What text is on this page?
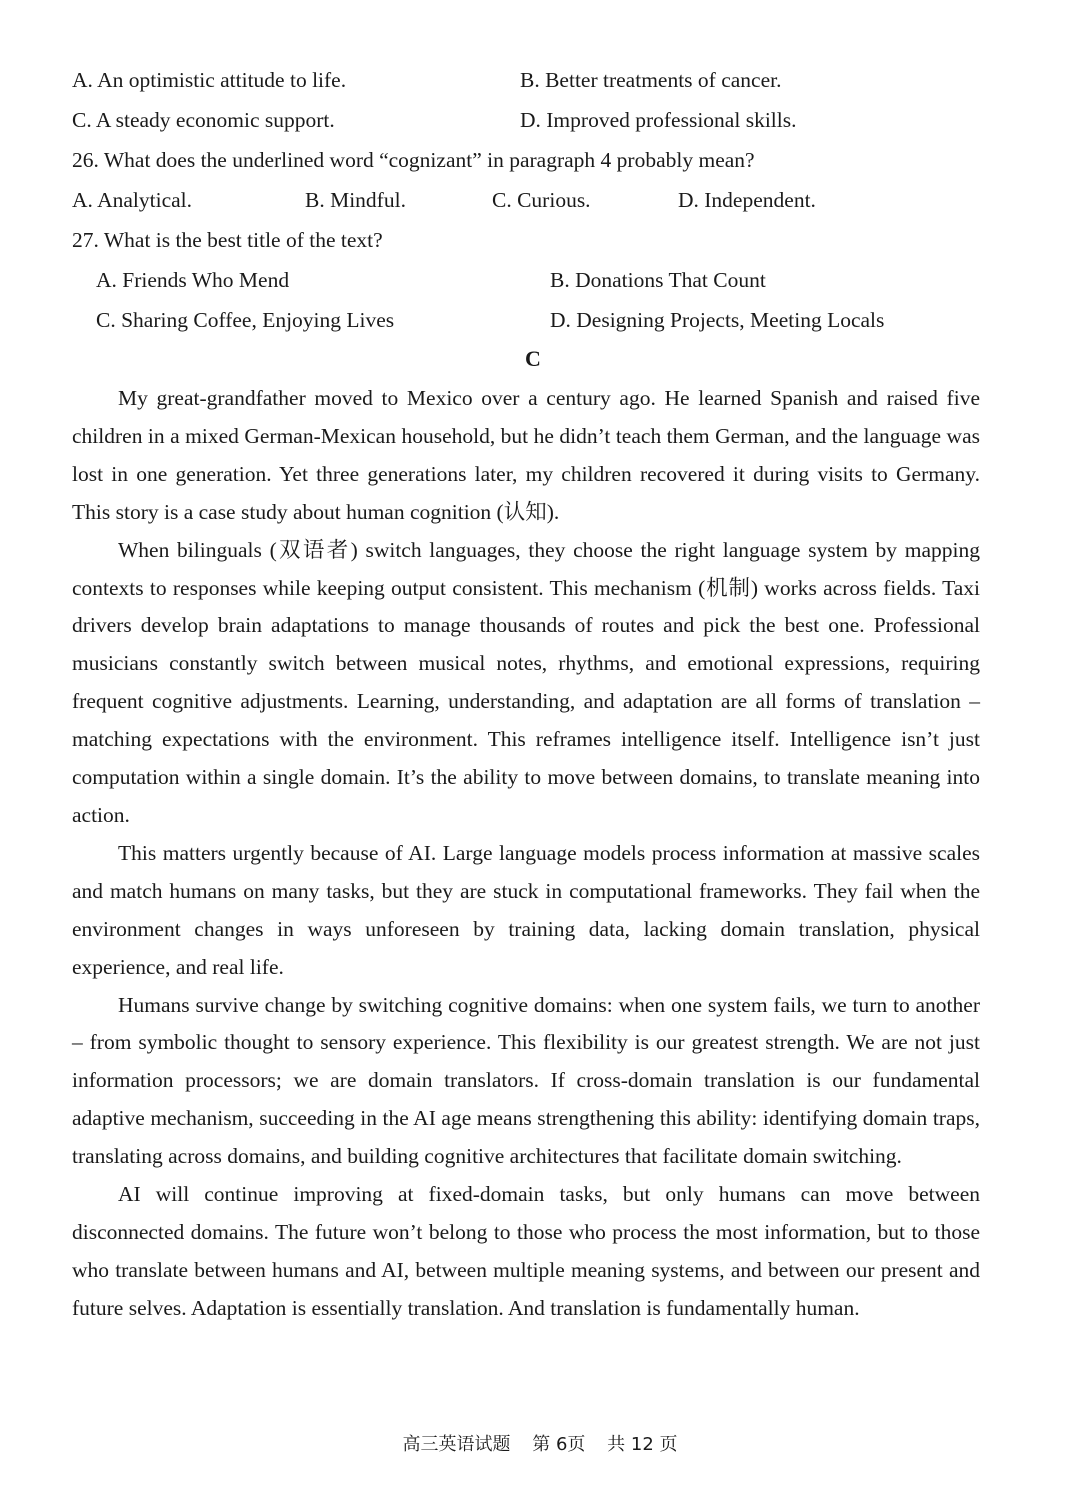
A. An optimistic attitude to life.	B. Better treatments of cancer.
C. A steady economic support.	D. Improved professional skills.
26. What does the underlined word “cognizant” in paragraph 4 probably mean?
A. Analytical.	B. Mindful.	C. Curious.	D. Independent.
27. What is the best title of the text?
A. Friends Who Mend	B. Donations That Count
C. Sharing Coffee, Enjoying Lives	D. Designing Projects, Meeting Locals
C

My great-grandfather moved to Mexico over a century ago. He learned Spanish and raised five children in a mixed German-Mexican household, but he didn’t teach them German, and the language was lost in one generation. Yet three generations later, my children recovered it during visits to Germany. This story is a case study about human cognition (认知).

When bilinguals (双语者) switch languages, they choose the right language system by mapping contexts to responses while keeping output consistent. This mechanism (机制) works across fields. Taxi drivers develop brain adaptations to manage thousands of routes and pick the best one. Professional musicians constantly switch between musical notes, rhythms, and emotional expressions, requiring frequent cognitive adjustments. Learning, understanding, and adaptation are all forms of translation – matching expectations with the environment. This reframes intelligence itself. Intelligence isn’t just computation within a single domain. It’s the ability to move between domains, to translate meaning into action.

This matters urgently because of AI. Large language models process information at massive scales and match humans on many tasks, but they are stuck in computational frameworks. They fail when the environment changes in ways unforeseen by training data, lacking domain translation, physical experience, and real life.

Humans survive change by switching cognitive domains: when one system fails, we turn to another – from symbolic thought to sensory experience. This flexibility is our greatest strength. We are not just information processors; we are domain translators. If cross-domain translation is our fundamental adaptive mechanism, succeeding in the AI age means strengthening this ability: identifying domain traps, translating across domains, and building cognitive architectures that facilitate domain switching.

AI will continue improving at fixed-domain tasks, but only humans can move between disconnected domains. The future won’t belong to those who process the most information, but to those who translate between humans and AI, between multiple meaning systems, and between our present and future selves. Adaptation is essentially translation. And translation is fundamentally human.

高三英语试题 第 6页 共 12 页
